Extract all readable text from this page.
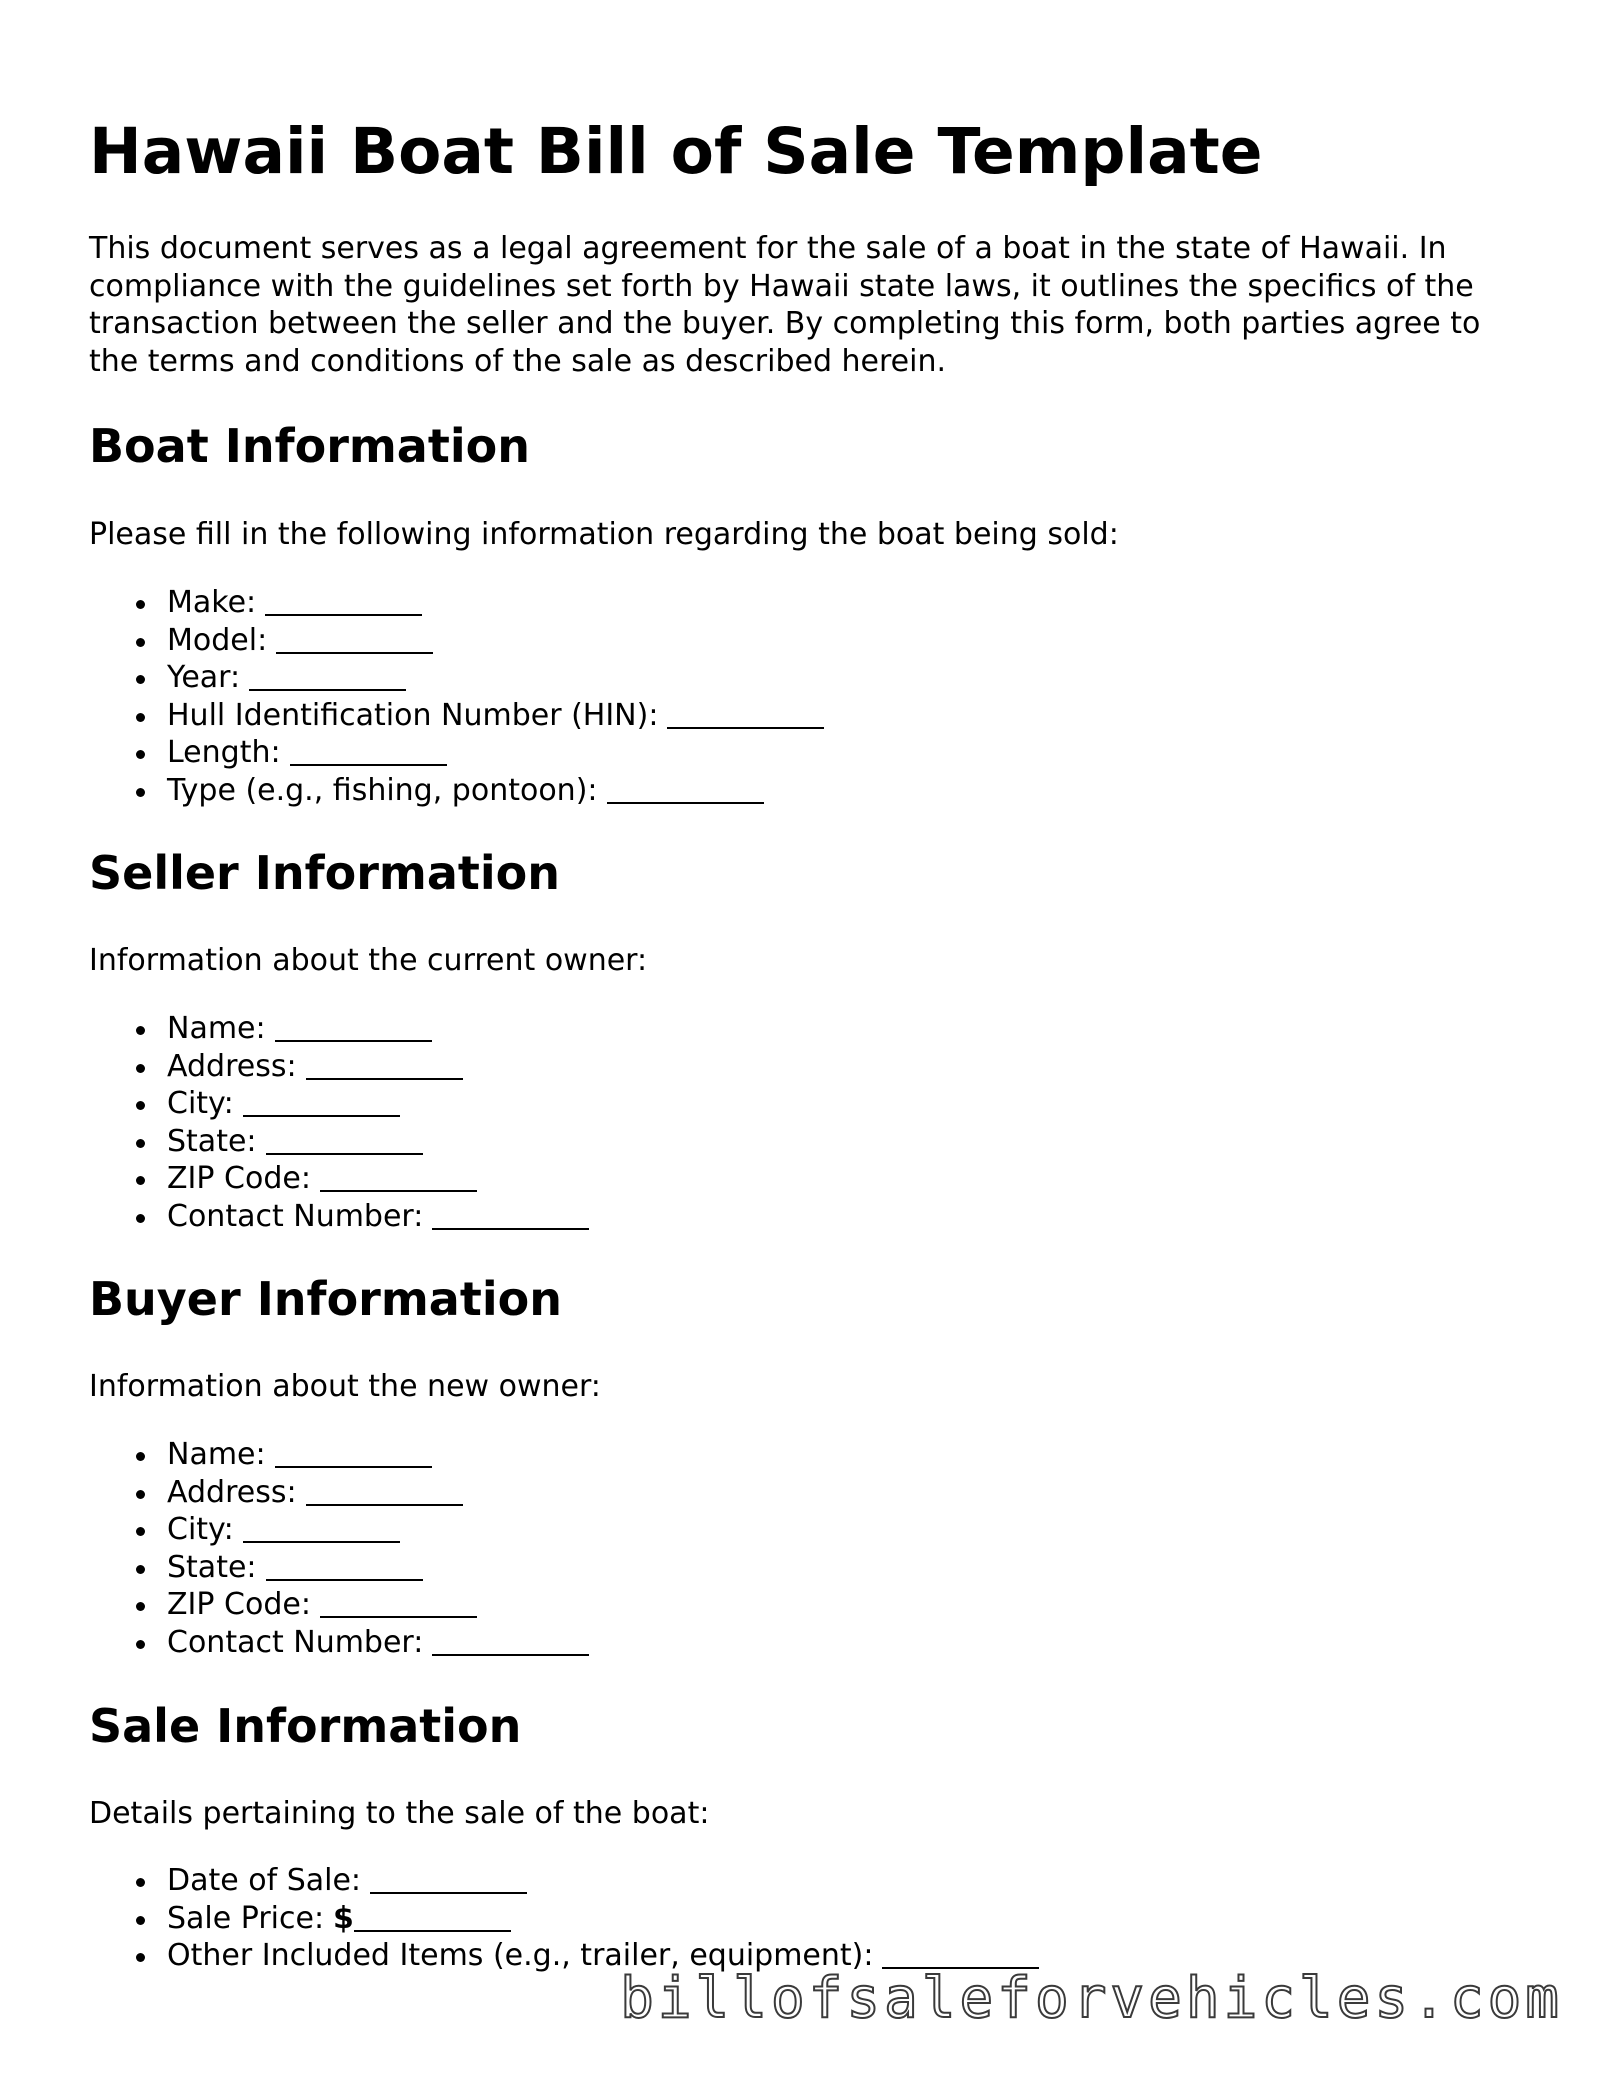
Hawaii Boat Bill of Sale Template

This document serves as a legal agreement for the sale of a boat in the state of Hawaii. In compliance with the guidelines set forth by Hawaii state laws, it outlines the specifics of the transaction between the seller and the buyer. By completing this form, both parties agree to the terms and conditions of the sale as described herein.

Boat Information

Please fill in the following information regarding the boat being sold:

Make:
Model:
Year:
Hull Identification Number (HIN):
Length:
Type (e.g., fishing, pontoon):
Seller Information

Information about the current owner:

Name:
Address:
City:
State:
ZIP Code:
Contact Number:
Buyer Information

Information about the new owner:

Name:
Address:
City:
State:
ZIP Code:
Contact Number:
Sale Information

Details pertaining to the sale of the boat:

Date of Sale:
Sale Price: $
Other Included Items (e.g., trailer, equipment):
billofsaleforvehicles.com
